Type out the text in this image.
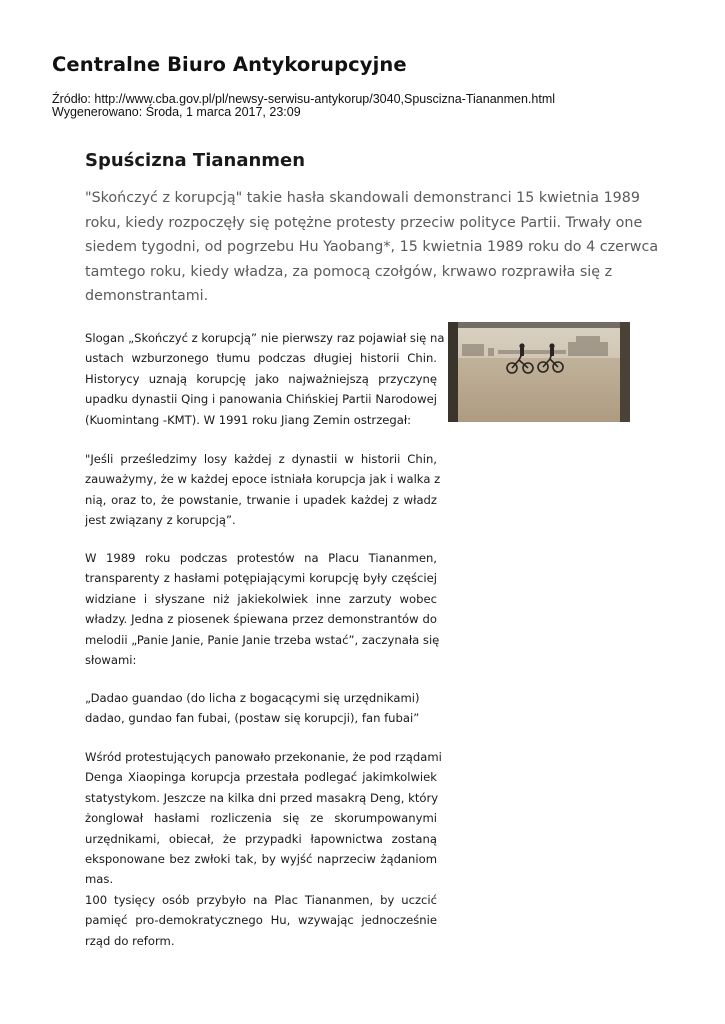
Centralne Biuro Antykorupcyjne
Źródło: http://www.cba.gov.pl/pl/newsy-serwisu-antykorup/3040,Spuscizna-Tiananmen.html
Wygenerowano: Środa, 1 marca 2017, 23:09
Spuścizna Tiananmen

"Skończyć z korupcją" takie hasła skandowali demonstranci 15 kwietnia 1989
roku, kiedy rozpoczęły się potężne protesty przeciw polityce Partii. Trwały one
siedem tygodni, od pogrzebu Hu Yaobang*, 15 kwietnia 1989 roku do 4 czerwca
tamtego roku, kiedy władza, za pomocą czołgów, krwawo rozprawiła się z
demonstrantami.

Slogan „Skończyć z korupcją” nie pierwszy raz pojawiał się na
ustach wzburzonego tłumu podczas długiej historii Chin.
Historycy uznają korupcję jako najważniejszą przyczynę
upadku dynastii Qing i panowania Chińskiej Partii Narodowej
(Kuomintang -KMT). W 1991 roku Jiang Zemin ostrzegał:
"Jeśli prześledzimy losy każdej z dynastii w historii Chin,
zauważymy, że w każdej epoce istniała korupcja jak i walka z
nią, oraz to, że powstanie, trwanie i upadek każdej z władz
jest związany z korupcją”.
W 1989 roku podczas protestów na Placu Tiananmen,
transparenty z hasłami potępiającymi korupcję były częściej
widziane i słyszane niż jakiekolwiek inne zarzuty wobec
władzy. Jedna z piosenek śpiewana przez demonstrantów do
melodii „Panie Janie, Panie Janie trzeba wstać”, zaczynała się
słowami:
„Dadao guandao (do licha z bogacącymi się urzędnikami)
dadao, gundao fan fubai, (postaw się korupcji), fan fubai”
Wśród protestujących panowało przekonanie, że pod rządami
Denga Xiaopinga korupcja przestała podlegać jakimkolwiek
statystykom. Jeszcze na kilka dni przed masakrą Deng, który
żonglował hasłami rozliczenia się ze skorumpowanymi
urzędnikami, obiecał, że przypadki łapownictwa zostaną
eksponowane bez zwłoki tak, by wyjść naprzeciw żądaniom
mas.
100 tysięcy osób przybyło na Plac Tiananmen, by uczcić
pamięć pro-demokratycznego Hu, wzywając jednocześnie
rząd do reform.
